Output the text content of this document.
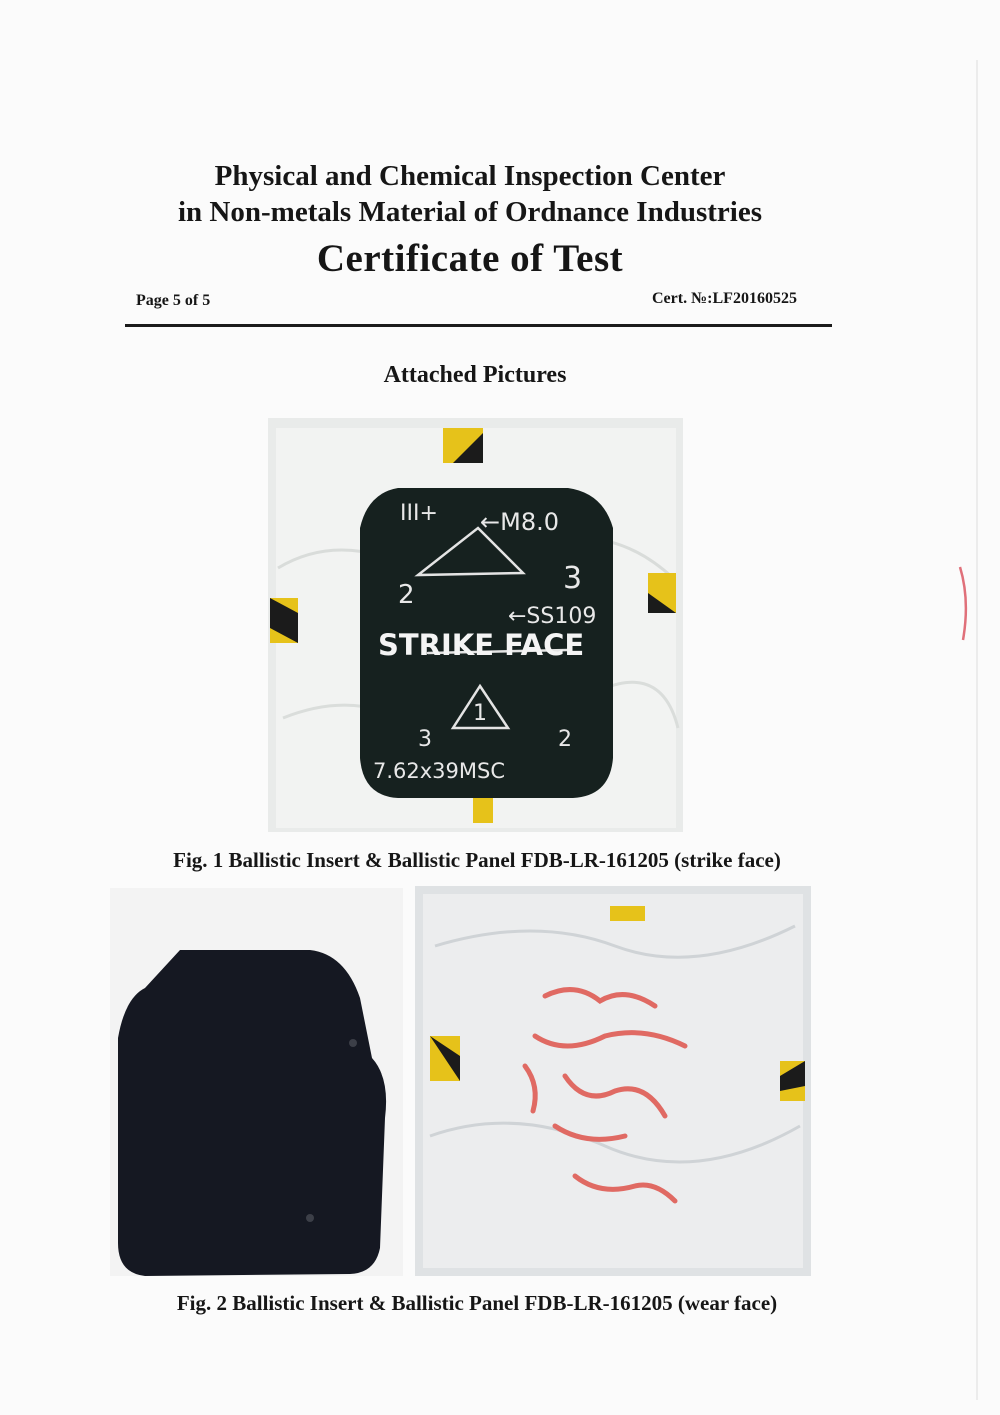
Physical and Chemical Inspection Center
in Non-metals Material of Ordnance Industries
Certificate of Test
Page 5 of 5	Cert. №:LF20160525
Attached Pictures
III+ ←M8.0
2	3
←SS109
STRIKE FACE
1
3	2
7.62x39MSC
Fig. 1 Ballistic Insert & Ballistic Panel FDB-LR-161205 (strike face)
Fig. 2 Ballistic Insert & Ballistic Panel FDB-LR-161205 (wear face)
